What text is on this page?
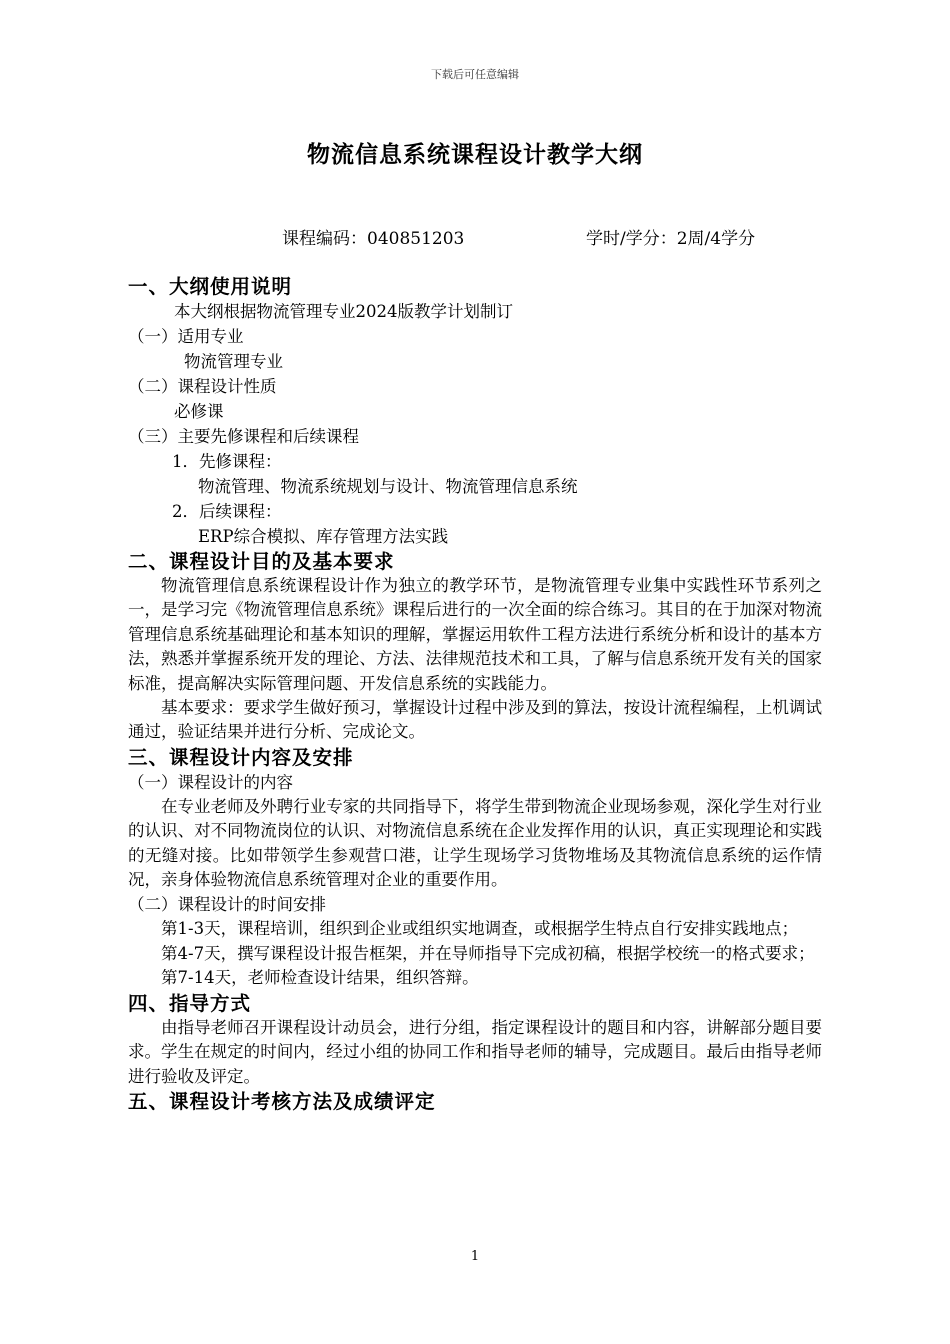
下载后可任意编辑
物流信息系统课程设计教学大纲
课程编码：040851203	学时/学分：2周/4学分
一、大纲使用说明

本大纲根据物流管理专业2024版教学计划制订

（一）适用专业

物流管理专业

（二）课程设计性质

必修课

（三）主要先修课程和后续课程

1．先修课程：

物流管理、物流系统规划与设计、物流管理信息系统

2．后续课程：

ERP综合模拟、库存管理方法实践

二、课程设计目的及基本要求

物流管理信息系统课程设计作为独立的教学环节，是物流管理专业集中实践性环节系列之一，是学习完《物流管理信息系统》课程后进行的一次全面的综合练习。其目的在于加深对物流管理信息系统基础理论和基本知识的理解，掌握运用软件工程方法进行系统分析和设计的基本方法，熟悉并掌握系统开发的理论、方法、法律规范技术和工具，了解与信息系统开发有关的国家标准，提高解决实际管理问题、开发信息系统的实践能力。

基本要求：要求学生做好预习，掌握设计过程中涉及到的算法，按设计流程编程，上机调试通过，验证结果并进行分析、完成论文。

三、课程设计内容及安排

（一）课程设计的内容

在专业老师及外聘行业专家的共同指导下，将学生带到物流企业现场参观，深化学生对行业的认识、对不同物流岗位的认识、对物流信息系统在企业发挥作用的认识，真正实现理论和实践的无缝对接。比如带领学生参观营口港，让学生现场学习货物堆场及其物流信息系统的运作情况，亲身体验物流信息系统管理对企业的重要作用。

（二）课程设计的时间安排

第1-3天，课程培训，组织到企业或组织实地调查，或根据学生特点自行安排实践地点；

第4-7天，撰写课程设计报告框架，并在导师指导下完成初稿，根据学校统一的格式要求；

第7-14天，老师检查设计结果，组织答辩。

四、指导方式

由指导老师召开课程设计动员会，进行分组，指定课程设计的题目和内容，讲解部分题目要求。学生在规定的时间内，经过小组的协同工作和指导老师的辅导，完成题目。最后由指导老师进行验收及评定。

五、课程设计考核方法及成绩评定
1
